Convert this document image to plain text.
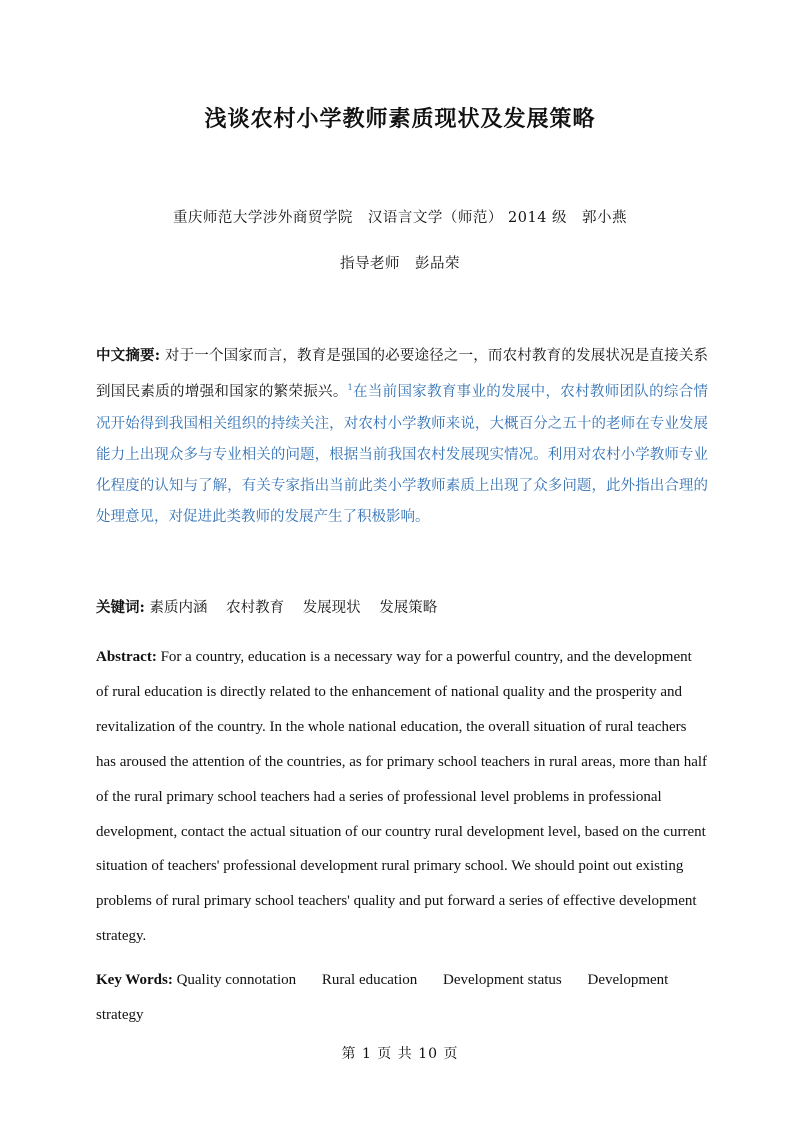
浅谈农村小学教师素质现状及发展策略
重庆师范大学涉外商贸学院　汉语言文学（师范） 2014 级　郭小燕
指导老师　彭品荣
中文摘要: 对于一个国家而言，教育是强国的必要途径之一，而农村教育的发展状况是直接关系到国民素质的增强和国家的繁荣振兴。$^1$在当前国家教育事业的发展中，农村教师团队的综合情况开始得到我国相关组织的持续关注，对农村小学教师来说，大概百分之五十的老师在专业发展能力上出现众多与专业相关的问题，根据当前我国农村发展现实情况。利用对农村小学教师专业化程度的认知与了解，有关专家指出当前此类小学教师素质上出现了众多问题，此外指出合理的处理意见，对促进此类教师的发展产生了积极影响。
关键词: 素质内涵 农村教育 发展现状 发展策略
Abstract: For a country, education is a necessary way for a powerful country, and the development of rural education is directly related to the enhancement of national quality and the prosperity and revitalization of the country. In the whole national education, the overall situation of rural teachers has aroused the attention of the countries, as for primary school teachers in rural areas, more than half of the rural primary school teachers had a series of professional level problems in professional development, contact the actual situation of our country rural development level, based on the current situation of teachers' professional development rural primary school. We should point out existing problems of rural primary school teachers' quality and put forward a series of effective development strategy.
Key Words: Quality connotation Rural education Development status Development strategy
第 1 页 共 10 页
